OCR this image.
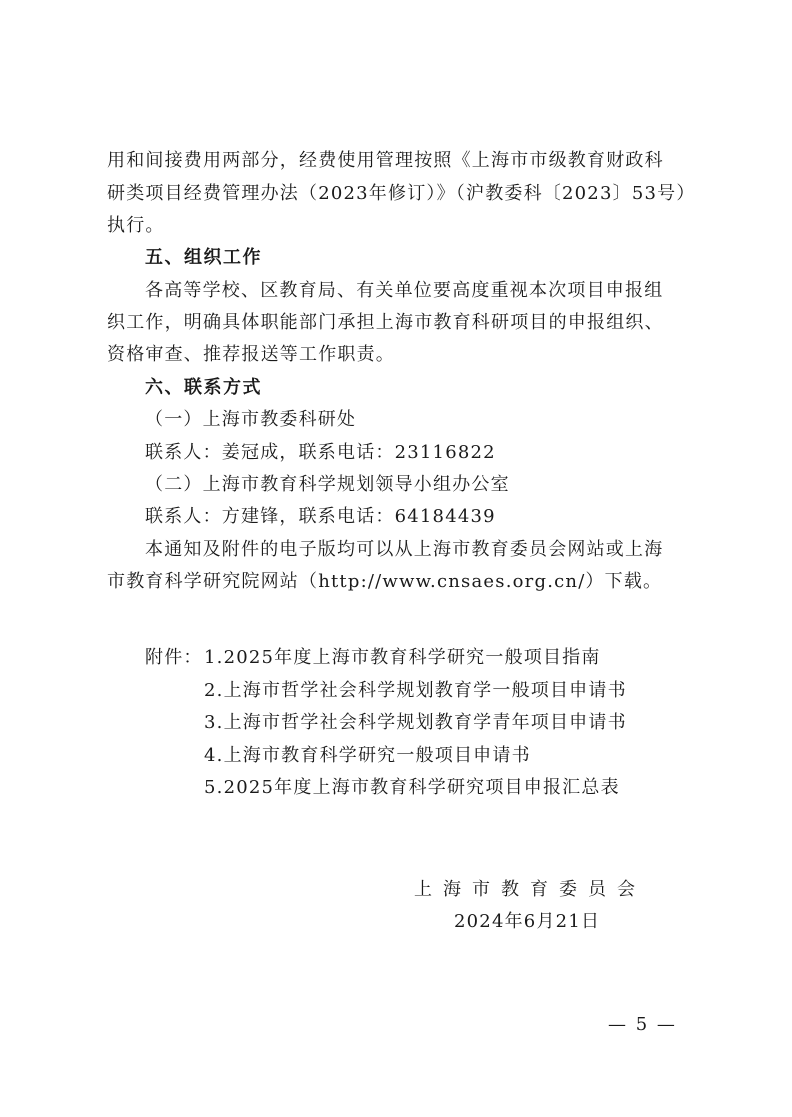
用和间接费用两部分，经费使用管理按照《上海市市级教育财政科
研类项目经费管理办法（2023年修订）》（沪教委科〔2023〕53号）
执行。
五、组织工作
各高等学校、区教育局、有关单位要高度重视本次项目申报组
织工作，明确具体职能部门承担上海市教育科研项目的申报组织、
资格审查、推荐报送等工作职责。
六、联系方式
（一）上海市教委科研处
联系人：姜冠成，联系电话：23116822
（二）上海市教育科学规划领导小组办公室
联系人：方建锋，联系电话：64184439
本通知及附件的电子版均可以从上海市教育委员会网站或上海
市教育科学研究院网站（http://www.cnsaes.org.cn/）下载。
附件： 1.2025年度上海市教育科学研究一般项目指南
2.上海市哲学社会科学规划教育学一般项目申请书
3.上海市哲学社会科学规划教育学青年项目申请书
4.上海市教育科学研究一般项目申请书
5.2025年度上海市教育科学研究项目申报汇总表
上海市教育委员会
2024年6月21日
— 5 —
